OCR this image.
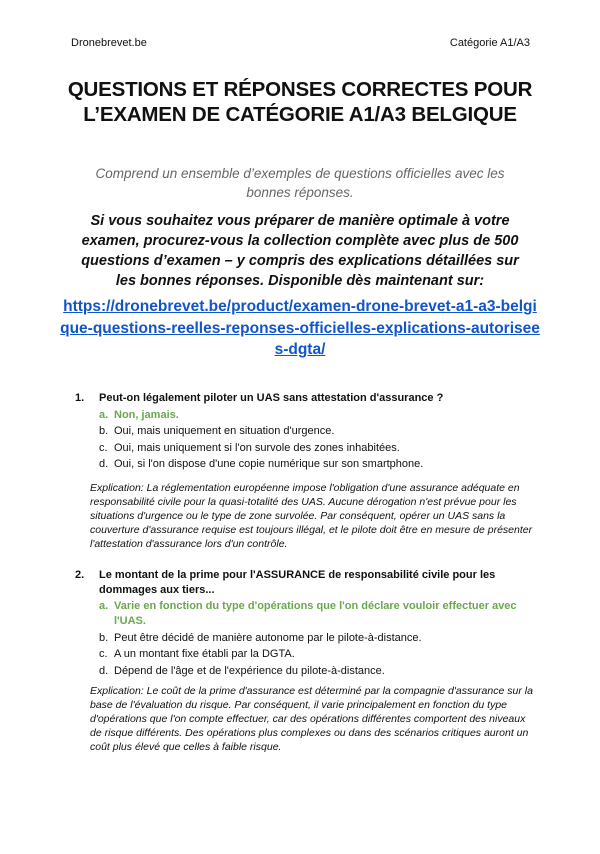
Dronebrevet.be	Catégorie A1/A3
QUESTIONS ET RÉPONSES CORRECTES POUR L’EXAMEN DE CATÉGORIE A1/A3 BELGIQUE
Comprend un ensemble d’exemples de questions officielles avec les bonnes réponses.
Si vous souhaitez vous préparer de manière optimale à votre examen, procurez-vous la collection complète avec plus de 500 questions d’examen – y compris des explications détaillées sur les bonnes réponses. Disponible dès maintenant sur:
https://dronebrevet.be/product/examen-drone-brevet-a1-a3-belgique-questions-reelles-reponses-officielles-explications-autorisees-dgta/
1.	Peut-on légalement piloter un UAS sans attestation d'assurance ?
a. Non, jamais.
b. Oui, mais uniquement en situation d'urgence.
c. Oui, mais uniquement si l'on survole des zones inhabitées.
d. Oui, si l'on dispose d'une copie numérique sur son smartphone.
Explication: La réglementation européenne impose l'obligation d'une assurance adéquate en responsabilité civile pour la quasi-totalité des UAS. Aucune dérogation n'est prévue pour les situations d'urgence ou le type de zone survolée. Par conséquent, opérer un UAS sans la couverture d'assurance requise est toujours illégal, et le pilote doit être en mesure de présenter l'attestation d'assurance lors d'un contrôle.
2.	Le montant de la prime pour l'ASSURANCE de responsabilité civile pour les dommages aux tiers...
a. Varie en fonction du type d'opérations que l'on déclare vouloir effectuer avec l'UAS.
b. Peut être décidé de manière autonome par le pilote-à-distance.
c. A un montant fixe établi par la DGTA.
d. Dépend de l'âge et de l'expérience du pilote-à-distance.
Explication: Le coût de la prime d'assurance est déterminé par la compagnie d'assurance sur la base de l'évaluation du risque. Par conséquent, il varie principalement en fonction du type d'opérations que l'on compte effectuer, car des opérations différentes comportent des niveaux de risque différents. Des opérations plus complexes ou dans des scénarios critiques auront un coût plus élevé que celles à faible risque.
